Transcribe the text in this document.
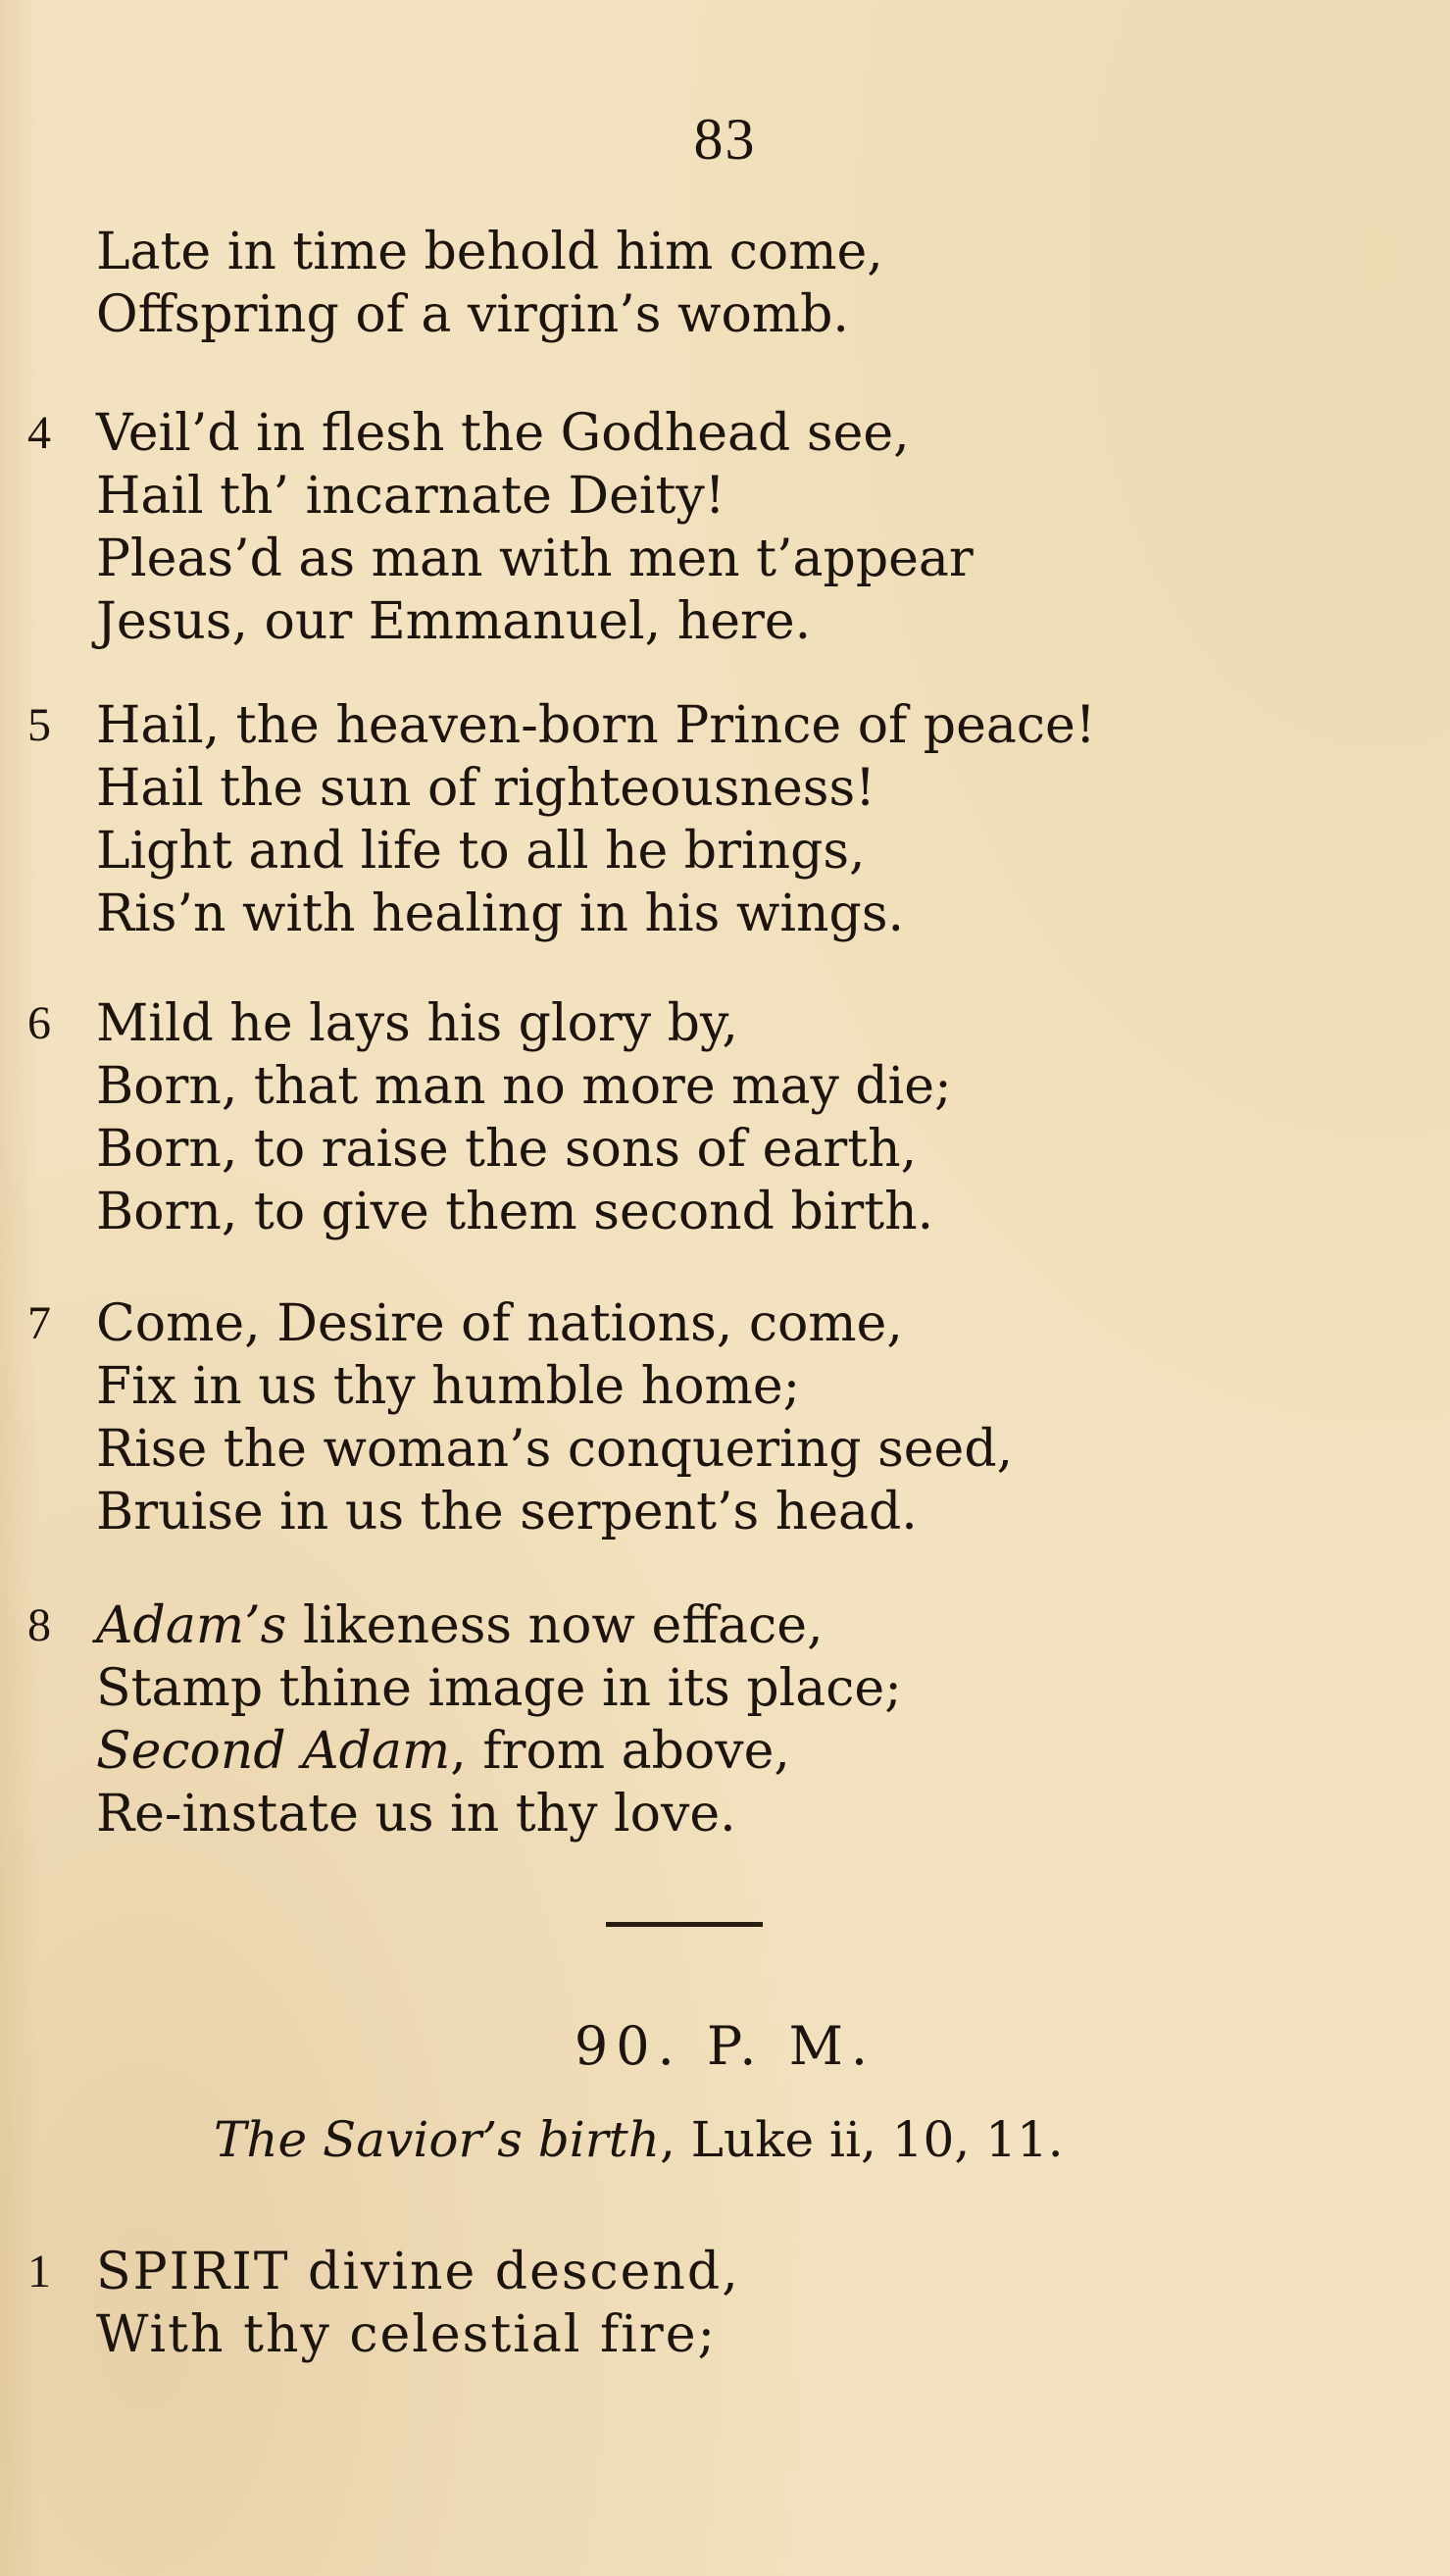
83
Late in time behold him come,
Offspring of a virgin’s womb.
4 Veil’d in flesh the Godhead see,
Hail th’ incarnate Deity!
Pleas’d as man with men t’appear
Jesus, our Emmanuel, here.
5 Hail, the heaven-born Prince of peace!
Hail the sun of righteousness!
Light and life to all he brings,
Ris’n with healing in his wings.
6 Mild he lays his glory by,
Born, that man no more may die;
Born, to raise the sons of earth,
Born, to give them second birth.
7 Come, Desire of nations, come,
Fix in us thy humble home;
Rise the woman’s conquering seed,
Bruise in us the serpent’s head.
8 Adam’s likeness now efface,
Stamp thine image in its place;
Second Adam, from above,
Re-instate us in thy love.
90. P. M.
The Savior’s birth, Luke ii, 10, 11.
1 SPIRIT divine descend,
With thy celestial fire;
